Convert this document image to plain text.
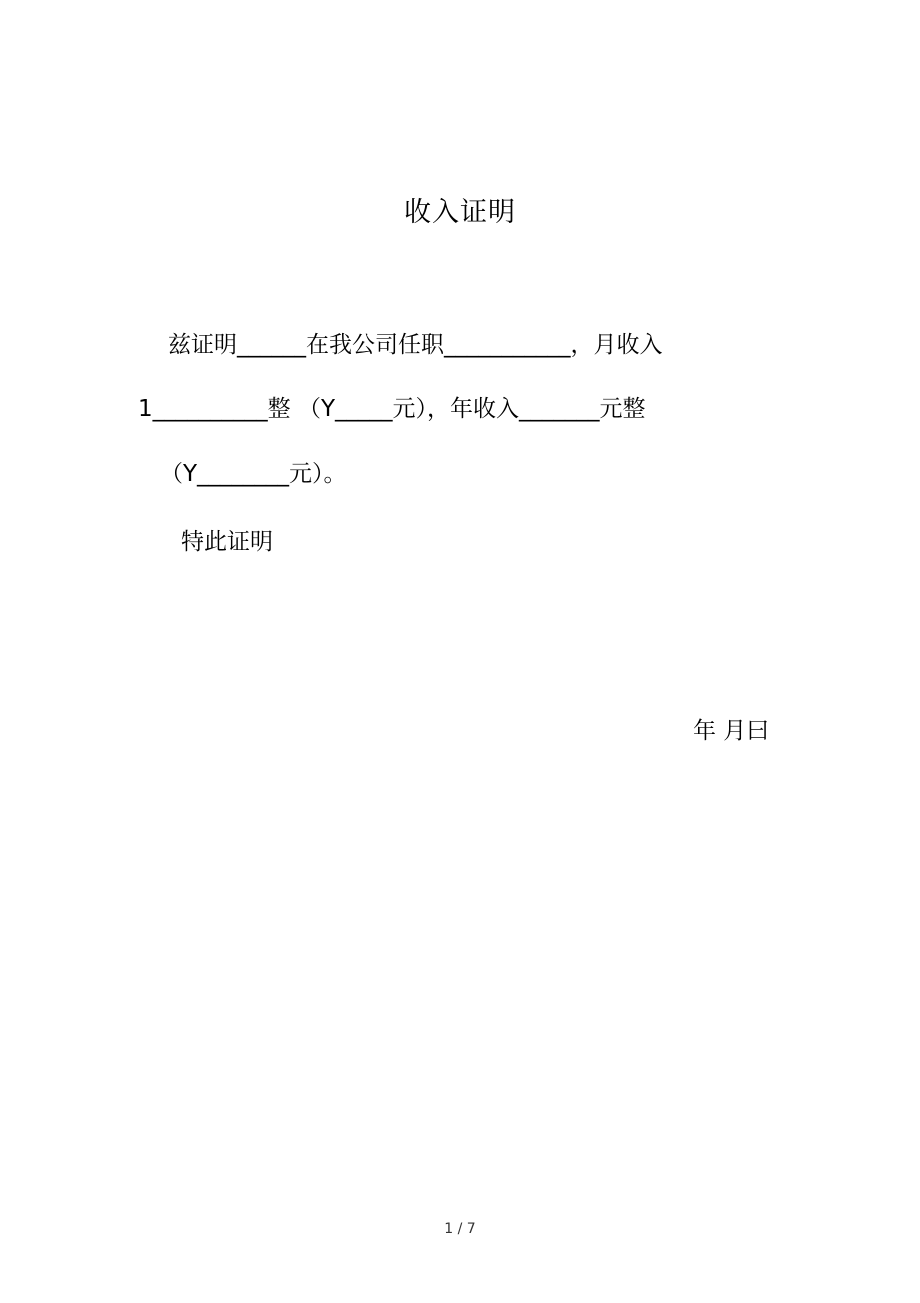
收入证明
兹证明______在我公司任职___________，月收入
1__________整 （Y_____元），年收入_______元整
（Y________元）。
特此证明
年 月曰
1 / 7
